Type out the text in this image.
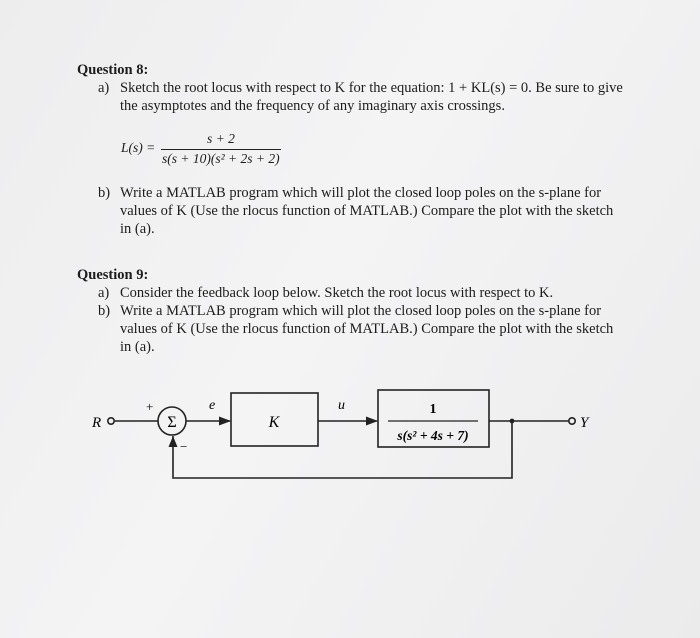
Question 8:
a) Sketch the root locus with respect to K for the equation: 1 + KL(s) = 0. Be sure to give
the asymptotes and the frequency of any imaginary axis crossings.
L(s) =
s + 2
s(s + 10)(s² + 2s + 2)
b) Write a MATLAB program which will plot the closed loop poles on the s-plane for
values of K (Use the rlocus function of MATLAB.) Compare the plot with the sketch
in (a).
Question 9:
a) Consider the feedback loop below. Sketch the root locus with respect to K.
b) Write a MATLAB program which will plot the closed loop poles on the s-plane for
values of K (Use the rlocus function of MATLAB.) Compare the plot with the sketch
in (a).
R
+
−
Σ
e
K
u	1
s(s² + 4s + 7)
Y
